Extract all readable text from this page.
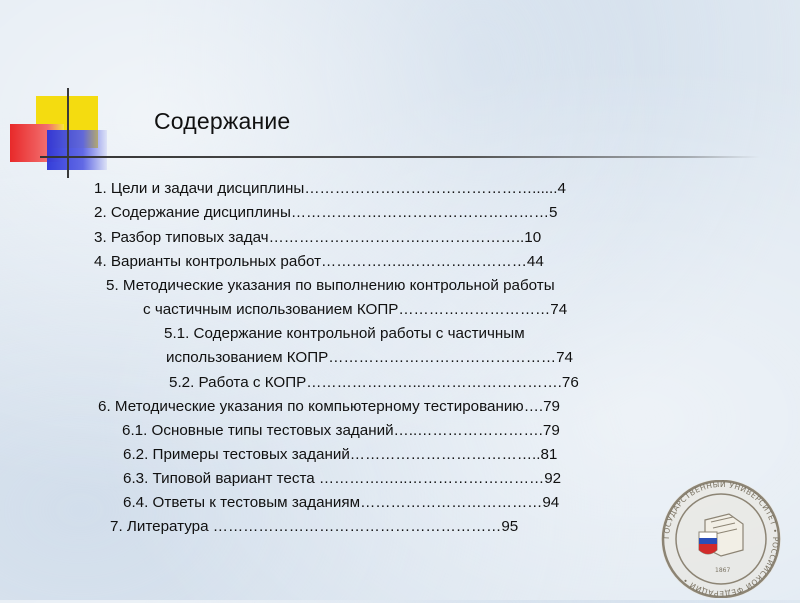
Содержание
1. Цели и задачи дисциплины………………………………………......4
2. Содержание дисциплины……………………………………………5
3. Разбор типовых задач………………………….………………..10
4. Варианты контрольных работ……………..……………………44
5. Методические указания по выполнению контрольной работы
с частичным использованием КОПР…………………………74
5.1. Содержание контрольной работы с частичным
использованием КОПР………………………………………74
5.2. Работа с КОПР…………………..……………………….76
6. Методические указания по компьютерному тестированию….79
6.1. Основные типы тестовых заданий…..…………………….79
6.2. Примеры тестовых заданий………………………………..81
6.3. Типовой вариант теста ………….…..………………………92
6.4. Ответы к тестовым заданиям………………………………94
7. Литература …………………………………………………95
ГОСУДАРСТВЕННЫЙ УНИВЕРСИТЕТ • РОССИЙСКОЙ ФЕДЕРАЦИИ •
1867
